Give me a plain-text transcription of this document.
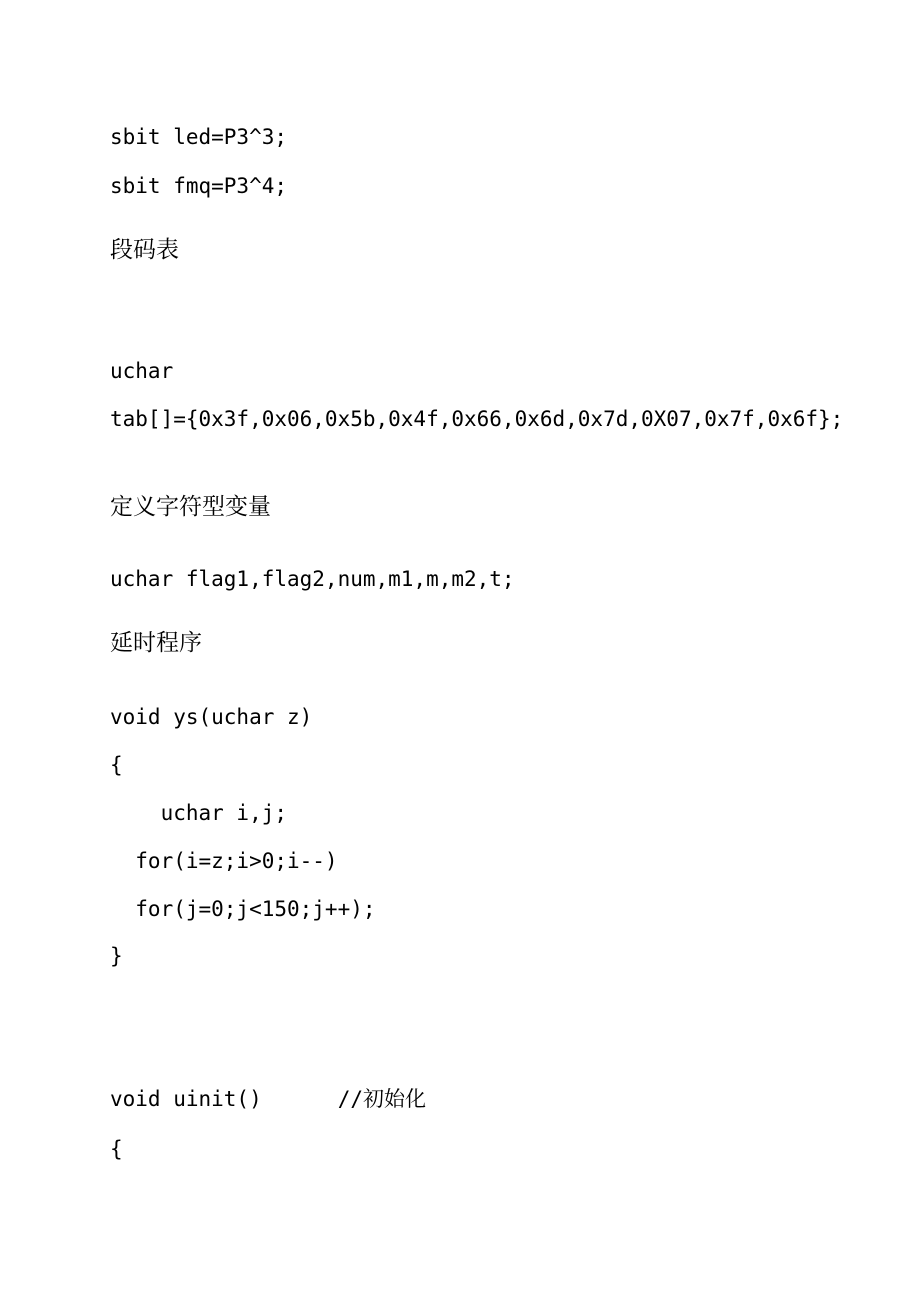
sbit led=P3^3;
sbit fmq=P3^4;
段码表
uchar
tab[]={0x3f,0x06,0x5b,0x4f,0x66,0x6d,0x7d,0X07,0x7f,0x6f};
定义字符型变量
uchar flag1,flag2,num,m1,m,m2,t;
延时程序
void ys(uchar z)
{
uchar i,j;
for(i=z;i>0;i--)
for(j=0;j<150;j++);
}
void uinit()	//初始化
{
